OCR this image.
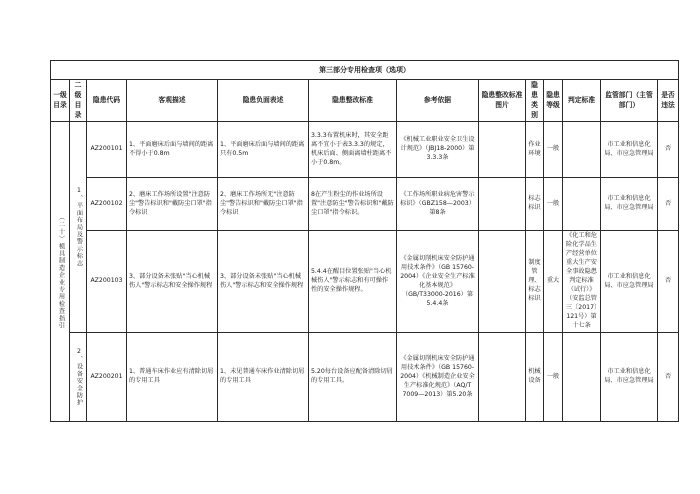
第三部分专用检查项（选项）												
一级目录	二级目录	隐患代码	客观描述	隐患负面表述	隐患整改标准	参考依据	隐患整改标准图片	隐患类别	隐患等级	判定标准	监管部门（主管部门）	是否违法

（二十）模具制造企业专用检查指引	1、平面布局及警示标志	AZ200101	1、平面磨床后面与墙间的距离不得小于0.8m	1、平面磨床后面与墙间的距离只有0.5m	3.3.3布置机床时，其安全距离不宜小于表3.3.3的规定，机床后面、侧面离墙柱距离不小于0.8m。	《机械工业职业安全卫生设计规范》（JBJ18-2000）第3.3.3条		作业环境	一般		市工业和信息化局、市应急管理局	否
		AZ200102	2、磨床工作场所设置"注意防尘"警告标识和"戴防尘口罩"指令标识	2、磨床工作场所无"注意防尘"警告标识和"戴防尘口罩"指令标识	8在产生粉尘的作业场所设置"注意防尘"警告标识和"戴防尘口罩"指令标识。	《工作场所职业病危害警示标识》（GBZ158—2003）第8条		标志标识	一般		市工业和信息化局、市应急管理局	否
		AZ200103	3、部分设备未张贴"当心机械伤人"警示标志和安全操作规程	3、部分设备未张贴"当心机械伤人"警示标志和安全操作规程	5.4.4在醒目位置张贴"当心机械伤人"警示标志和有可操作性的安全操作规程。	《金属切削机床安全防护通用技术条件》（GB 15760-2004）《企业安全生产标准化基本规范》（GB/T33000-2016）第5.4.4条		制度管理、标志标识	重大	《化工和危险化学品生产经营单位重大生产安全事故隐患判定标准（试行）》（安监总管三〔2017〕121号）第十七条	市工业和信息化局、市应急管理局	否

	2、设备安全防护	AZ200201	1、普通车床作业应有清除切屑的专用工具	1、未见普通车床作业清除切屑的专用工具	5.20每台设备应配备清除切屑的专用工具。	《金属切削机床安全防护通用技术条件》（GB 15760-2004）《机械制造企业安全生产标准化规范》（AQ/T 7009—2013）第5.20条		机械设备	一般		市工业和信息化局、市应急管理局	否
